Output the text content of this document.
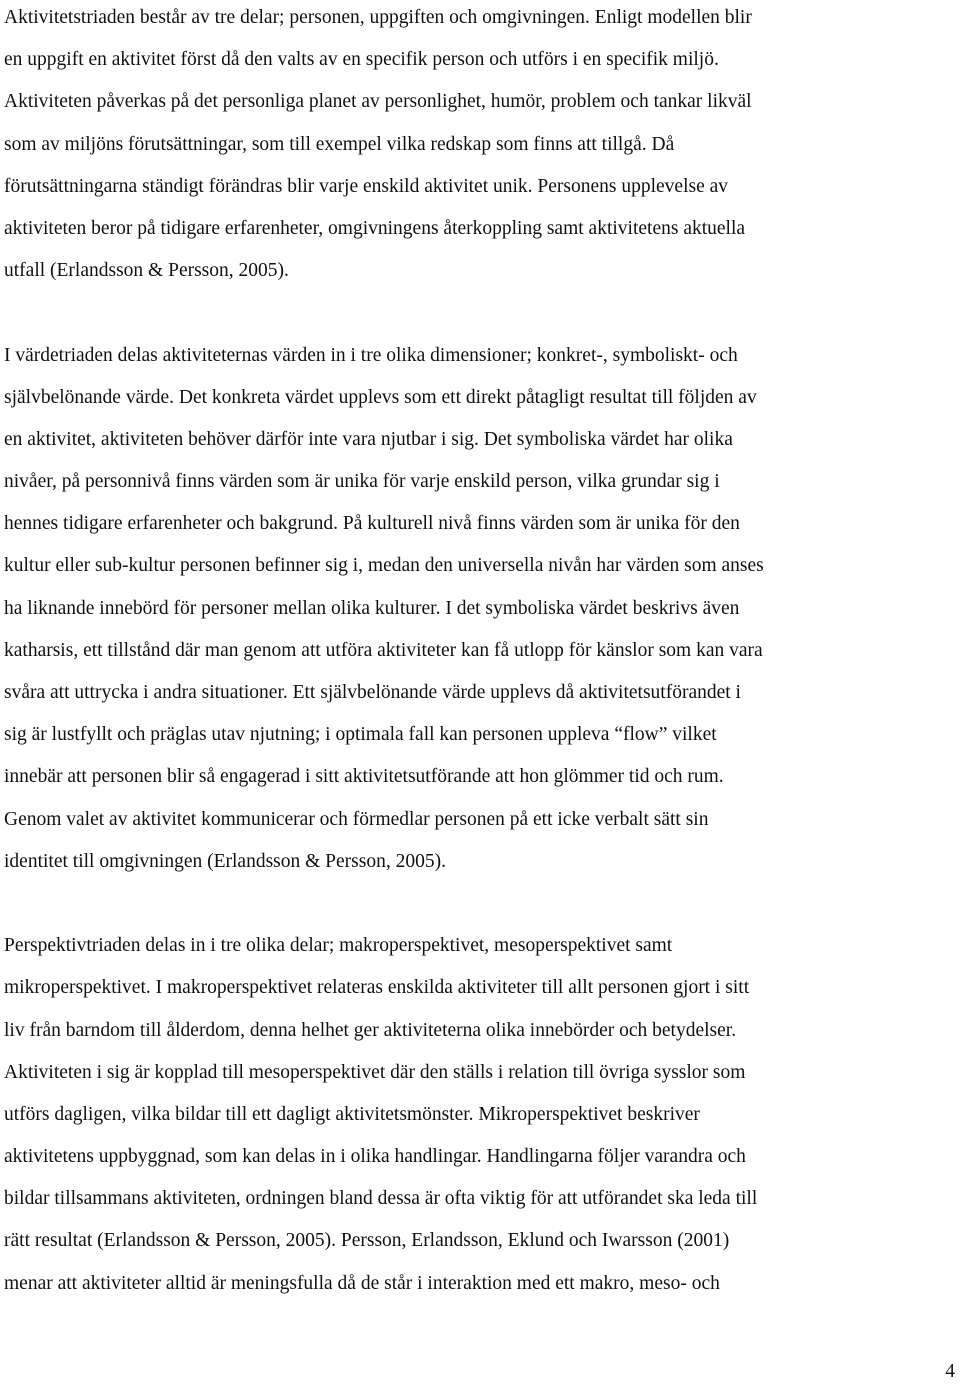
Aktivitetstriaden består av tre delar; personen, uppgiften och omgivningen. Enligt modellen blir
en uppgift en aktivitet först då den valts av en specifik person och utförs i en specifik miljö.
Aktiviteten påverkas på det personliga planet av personlighet, humör, problem och tankar likväl
som av miljöns förutsättningar, som till exempel vilka redskap som finns att tillgå. Då
förutsättningarna ständigt förändras blir varje enskild aktivitet unik. Personens upplevelse av
aktiviteten beror på tidigare erfarenheter, omgivningens återkoppling samt aktivitetens aktuella
utfall (Erlandsson & Persson, 2005).

I värdetriaden delas aktiviteternas värden in i tre olika dimensioner; konkret-, symboliskt- och
självbelönande värde. Det konkreta värdet upplevs som ett direkt påtagligt resultat till följden av
en aktivitet, aktiviteten behöver därför inte vara njutbar i sig. Det symboliska värdet har olika
nivåer, på personnivå finns värden som är unika för varje enskild person, vilka grundar sig i
hennes tidigare erfarenheter och bakgrund. På kulturell nivå finns värden som är unika för den
kultur eller sub-kultur personen befinner sig i, medan den universella nivån har värden som anses
ha liknande innebörd för personer mellan olika kulturer. I det symboliska värdet beskrivs även
katharsis, ett tillstånd där man genom att utföra aktiviteter kan få utlopp för känslor som kan vara
svåra att uttrycka i andra situationer. Ett självbelönande värde upplevs då aktivitetsutförandet i
sig är lustfyllt och präglas utav njutning; i optimala fall kan personen uppleva “flow” vilket
innebär att personen blir så engagerad i sitt aktivitetsutförande att hon glömmer tid och rum.
Genom valet av aktivitet kommunicerar och förmedlar personen på ett icke verbalt sätt sin
identitet till omgivningen (Erlandsson & Persson, 2005).

Perspektivtriaden delas in i tre olika delar; makroperspektivet, mesoperspektivet samt
mikroperspektivet. I makroperspektivet relateras enskilda aktiviteter till allt personen gjort i sitt
liv från barndom till ålderdom, denna helhet ger aktiviteterna olika innebörder och betydelser.
Aktiviteten i sig är kopplad till mesoperspektivet där den ställs i relation till övriga sysslor som
utförs dagligen, vilka bildar till ett dagligt aktivitetsmönster. Mikroperspektivet beskriver
aktivitetens uppbyggnad, som kan delas in i olika handlingar. Handlingarna följer varandra och
bildar tillsammans aktiviteten, ordningen bland dessa är ofta viktig för att utförandet ska leda till
rätt resultat (Erlandsson & Persson, 2005). Persson, Erlandsson, Eklund och Iwarsson (2001)
menar att aktiviteter alltid är meningsfulla då de står i interaktion med ett makro, meso- och

4
